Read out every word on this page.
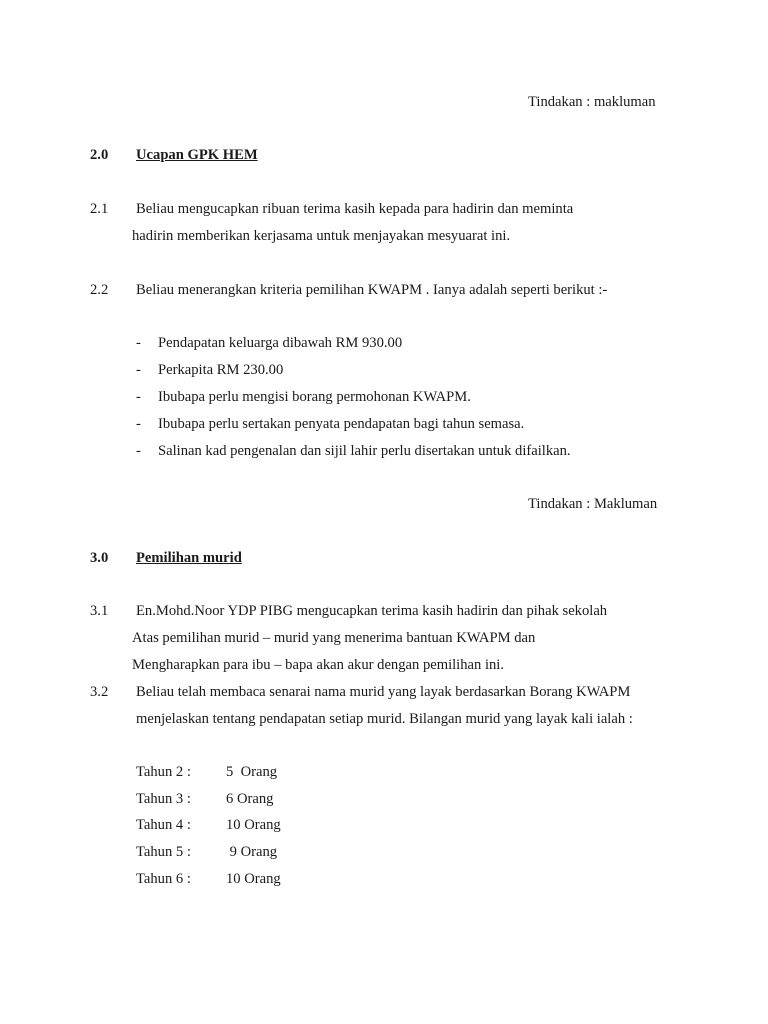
Tindakan : makluman
2.0 Ucapan GPK HEM
2.1 Beliau mengucapkan ribuan terima kasih kepada para hadirin dan meminta
hadirin memberikan kerjasama untuk menjayakan mesyuarat ini.
2.2 Beliau menerangkan kriteria pemilihan KWAPM . Ianya adalah seperti berikut :-
- Pendapatan keluarga dibawah RM 930.00
- Perkapita RM 230.00
- Ibubapa perlu mengisi borang permohonan KWAPM.
- Ibubapa perlu sertakan penyata pendapatan bagi tahun semasa.
- Salinan kad pengenalan dan sijil lahir perlu disertakan untuk difailkan.
Tindakan : Makluman
3.0 Pemilihan murid
3.1 En.Mohd.Noor YDP PIBG mengucapkan terima kasih hadirin dan pihak sekolah
Atas pemilihan murid – murid yang menerima bantuan KWAPM dan
Mengharapkan para ibu – bapa akan akur dengan pemilihan ini.
3.2 Beliau telah membaca senarai nama murid yang layak berdasarkan Borang KWAPM
menjelaskan tentang pendapatan setiap murid. Bilangan murid yang layak kali ialah :
Tahun 2 : 5  Orang
Tahun 3 : 6 Orang
Tahun 4 : 10 Orang
Tahun 5 : 9 Orang
Tahun 6 : 10 Orang
